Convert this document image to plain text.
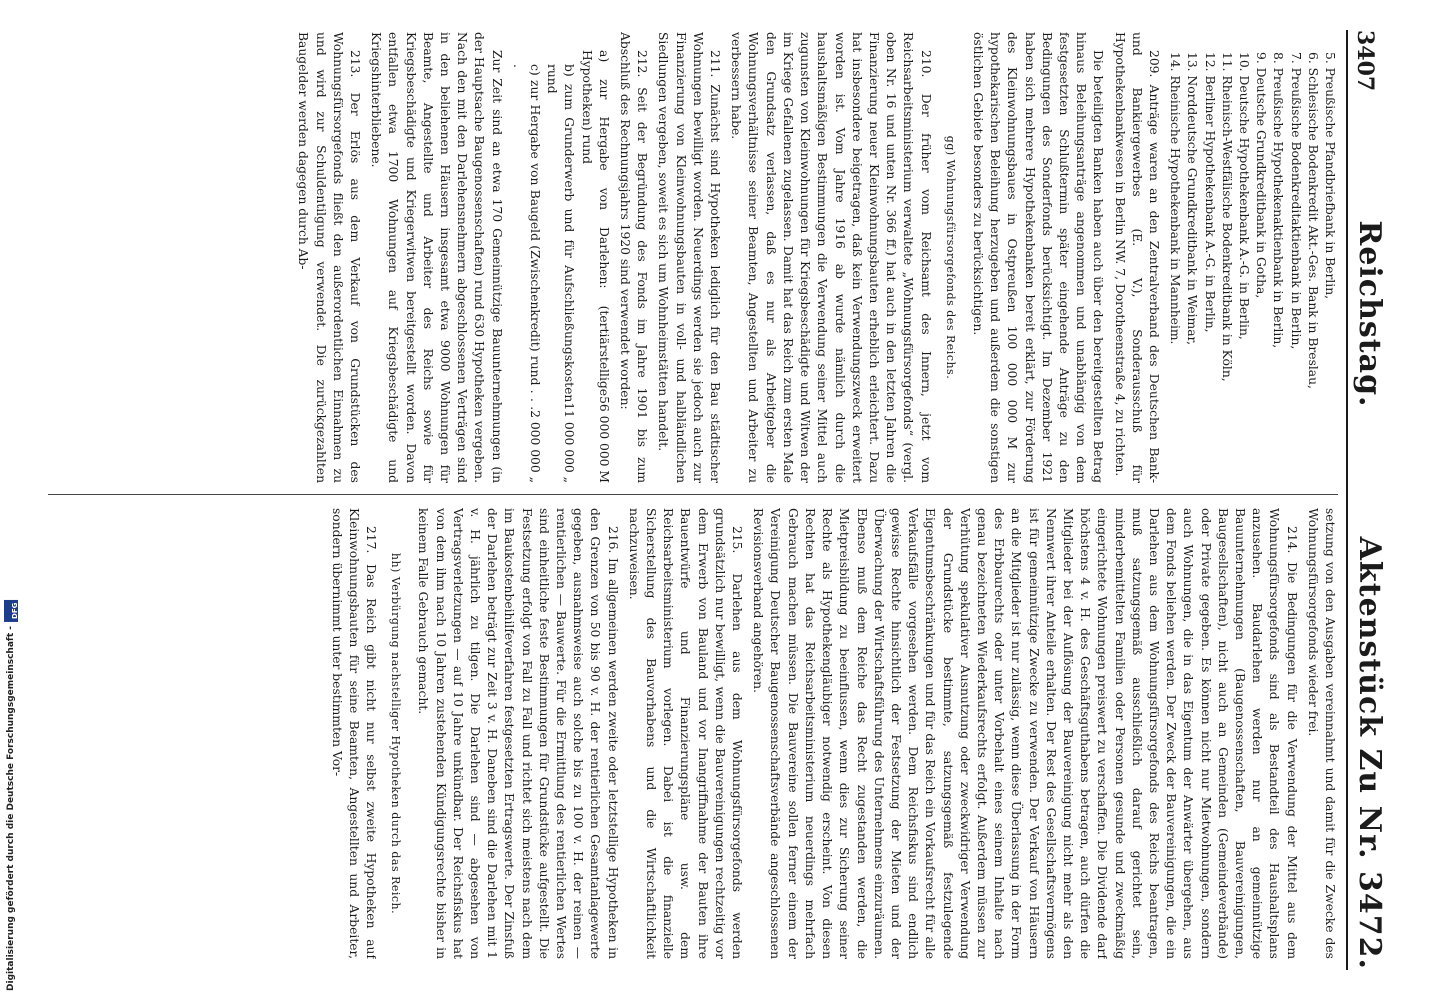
3407
Reichstag.
Aktenstück Zu Nr. 3472.
5. Preußische Pfandbriefbank in Berlin,
6. Schlesische Bodenkredit Akt.-Ges. Bank in Breslau,
7. Preußische Bodenkreditaktienbank in Berlin,
8. Preußische Hypothekenaktienbank in Berlin,
9. Deutsche Grundkreditbank in Gotha,
10. Deutsche Hypothekenbank A.-G. in Berlin,
11. Rheinisch-Westfälische Bodenkreditbank in Köln,
12. Berliner Hypothekenbank A.-G. in Berlin,
13. Norddeutsche Grundkreditbank in Weimar,
14. Rheinische Hypothekenbank in Mannheim.

209. Anträge waren an den Zentralverband des Deutschen Bank- und Bankiergewerbes (E. V.), Sonderausschuß für Hypothekenbankwesen in Berlin NW. 7, Dorotheenstraße 4, zu richten.

Die beteiligten Banken haben auch über den bereitgestellten Betrag hinaus Beleihungsanträge angenommen und unabhängig von dem festgesetzten Schlußtermin später eingehende Anträge zu den Bedingungen des Sonderfonds berücksichtigt. Im Dezember 1921 haben sich mehrere Hypothekenbanken bereit erklärt, zur Förderung des Kleinwohnungsbaues in Ostpreußen 100 000 000 M zur hypothekarischen Beleihung herzugeben und außerdem die sonstigen östlichen Gebiete besonders zu berücksichtigen.

gg) Wohnungsfürsorgefonds des Reichs.

210. Der früher vom Reichsamt des Innern, jetzt vom Reichsarbeitsministerium verwaltete „Wohnungsfürsorgefonds“ (vergl. oben Nr. 16 und unten Nr. 366 ff.) hat auch in den letzten Jahren die Finanzierung neuer Kleinwohnungsbauten erheblich erleichtert. Dazu hat insbesondere beigetragen, daß kein Verwendungszweck erweitert worden ist. Vom Jahre 1916 ab wurde nämlich durch die haushaltsmäßigen Bestimmungen die Verwendung seiner Mittel auch zugunsten von Kleinwohnungen für Kriegsbeschädigte und Witwen der im Kriege Gefallenen zugelassen. Damit hat das Reich zum ersten Male den Grundsatz verlassen, daß es nur als Arbeitgeber die Wohnungsverhältnisse seiner Beamten, Angestellten und Arbeiter zu verbessern habe.

211. Zunächst sind Hypotheken lediglich für den Bau städtischer Wohnungen bewilligt worden. Neuerdings werden sie jedoch auch zur Finanzierung von Kleinwohnungsbauten in voll- und halbländlichen Siedlungen vergeben, soweit es sich um Wohnheimstätten handelt.

212. Seit der Begründung des Fonds im Jahre 1901 bis zum Abschluß des Rechnungsjahrs 1920 sind verwendet worden:

a) zur Hergabe von Darlehen: (tertiärstellige Hypotheken) rund
56 000 000 M
b) zum Grunderwerb und für Aufschließungskosten rund
11 000 000 „
c) zur Hergabe von Baugeld (Zwischenkredit) rund . . . .
2 000 000 „

Zur Zeit sind an etwa 170 Gemeinnützige Bauunternehmungen (in der Hauptsache Baugenossenschaften) rund 630 Hypotheken vergeben. Nach den mit den Darlehensnehmern abgeschlossenen Verträgen sind in den beliehenen Häusern insgesamt etwa 9000 Wohnungen für Beamte, Angestellte und Arbeiter des Reichs sowie für Kriegsbeschädigte und Kriegerwitwen bereitgestellt worden. Davon entfallen etwa 1700 Wohnungen auf Kriegsbeschädigte und Kriegshinterbliebene.

213. Der Erlös aus dem Verkauf von Grundstücken des Wohnungsfürsorgefonds fließt den außerordentlichen Einnahmen zu und wird zur Schuldentilgung verwendet. Die zurückgezahlten Baugelder werden dagegen durch Ab-

setzung von den Ausgaben vereinnahmt und damit für die Zwecke des Wohnungsfürsorgefonds wieder frei.

214. Die Bedingungen für die Verwendung der Mittel aus dem Wohnungsfürsorgefonds sind als Bestandteil des Haushaltsplans anzusehen. Baudarlehen werden nur an gemeinnützige Bauunternehmungen (Baugenossenschaften, Bauvereinigungen, Baugesellschaften), nicht auch an Gemeinden (Gemeindeverbände) oder Private gegeben. Es können nicht nur Mietwohnungen, sondern auch Wohnungen, die in das Eigentum der Anwärter übergehen, aus dem Fonds beliehen werden. Der Zweck der Bauvereinigungen, die ein Darlehen aus dem Wohnungsfürsorgefonds des Reichs beantragen, muß satzungsgemäß ausschließlich darauf gerichtet sein, minderbemittelten Familien oder Personen gesunde und zweckmäßig eingerichtete Wohnungen preiswert zu verschaffen. Die Dividende darf höchstens 4 v. H. des Geschäftsguthabens betragen, auch dürfen die Mitglieder bei der Auflösung der Bauvereinigung nicht mehr als den Nennwert ihrer Anteile erhalten. Der Rest des Gesellschaftsvermögens ist für gemeinnützige Zwecke zu verwenden. Der Verkauf von Häusern an die Mitglieder ist nur zulässig, wenn diese Überlassung in der Form des Erbbaurechts oder unter Vorbehalt eines seinem Inhalte nach genau bezeichneten Wiederkaufsrechts erfolgt. Außerdem müssen zur Verhütung spekulativer Ausnutzung oder zweckwidriger Verwendung der Grundstücke bestimmte, satzungsgemäß festzulegende Eigentumsbeschränkungen und für das Reich ein Vorkaufsrecht für alle Verkaufsfälle vorgesehen werden. Dem Reichsfiskus sind endlich gewisse Rechte hinsichtlich der Festsetzung der Mieten und der Überwachung der Wirtschaftsführung des Unternehmens einzuräumen. Ebenso muß dem Reiche das Recht zugestanden werden, die Mietpreisbildung zu beeinflussen, wenn dies zur Sicherung seiner Rechte als Hypothekengläubiger notwendig erscheint. Von diesen Rechten hat das Reichsarbeitsministerium neuerdings mehrfach Gebrauch machen müssen. Die Bauvereine sollen ferner einem der Vereinigung Deutscher Baugenossenschaftsverbände angeschlossenen Revisionsverband angehören.

215. Darlehen aus dem Wohnungsfürsorgefonds werden grundsätzlich nur bewilligt, wenn die Bauvereinigungen rechtzeitig vor dem Erwerb von Bauland und vor Inangriffnahme der Bauten ihre Bauentwürfe und Finanzierungspläne usw. dem Reichsarbeitsministerium vorlegen. Dabei ist die finanzielle Sicherstellung des Bauvorhabens und die Wirtschaftlichkeit nachzuweisen.

216. Im allgemeinen werden zweite oder letztstellige Hypotheken in den Grenzen von 50 bis 90 v. H. der rentierlichen Gesamtanlagewerte gegeben, ausnahmsweise auch solche bis zu 100 v. H. der reinen — rentierlichen — Bauwerte. Für die Ermittlung des rentierlichen Wertes sind einheitliche feste Bestimmungen für Grundstücke aufgestellt. Die Festsetzung erfolgt von Fall zu Fall und richtet sich meistens nach dem im Baukostenbeihilfeverfahren festgesetzten Ertragswerte. Der Zinsfuß der Darlehen beträgt zur Zeit 3 v. H. Daneben sind die Darlehen mit 1 v. H. jährlich zu tilgen. Die Darlehen sind — abgesehen von Vertragsverletzungen — auf 10 Jahre unkündbar. Der Reichsfiskus hat von dem ihm nach 10 Jahren zustehenden Kündigungsrechte bisher in keinem Falle Gebrauch gemacht.

hh) Verbürgung nachstelliger Hypotheken durch das Reich.

217. Das Reich gibt nicht nur selbst zweite Hypotheken auf Kleinwohnungsbauten für seine Beamten, Angestellten und Arbeiter, sondern übernimmt unter bestimmten Vor-

Digitalisierung gefördert durch die Deutsche Forschungsgemeinschaft -
DFG
